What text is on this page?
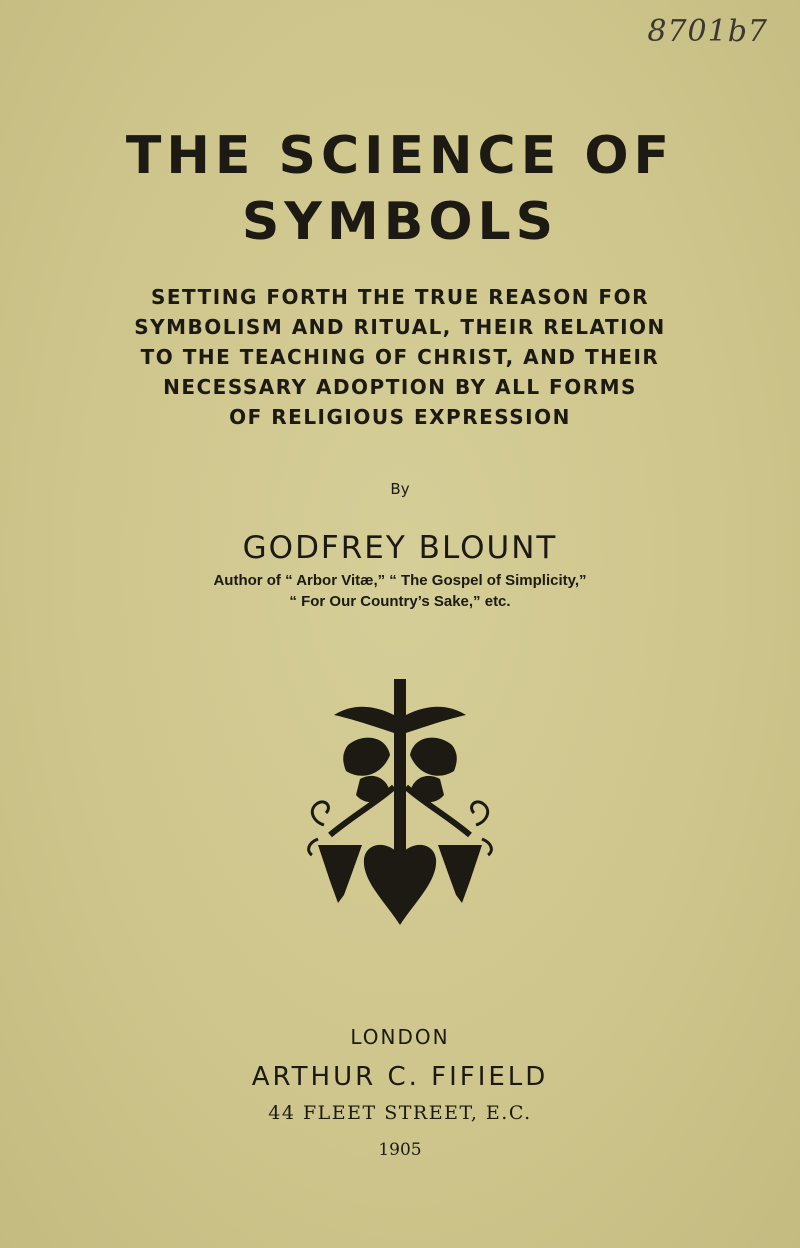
8701b7
THE SCIENCE OF
SYMBOLS
SETTING FORTH THE TRUE REASON FOR
SYMBOLISM AND RITUAL, THEIR RELATION
TO THE TEACHING OF CHRIST, AND THEIR
NECESSARY ADOPTION BY ALL FORMS
OF RELIGIOUS EXPRESSION
By
GODFREY BLOUNT
Author of “ Arbor Vitæ,” “ The Gospel of Simplicity,”
“ For Our Country’s Sake,” etc.
LONDON
ARTHUR C. FIFIELD
44 FLEET STREET, E.C.
1905
